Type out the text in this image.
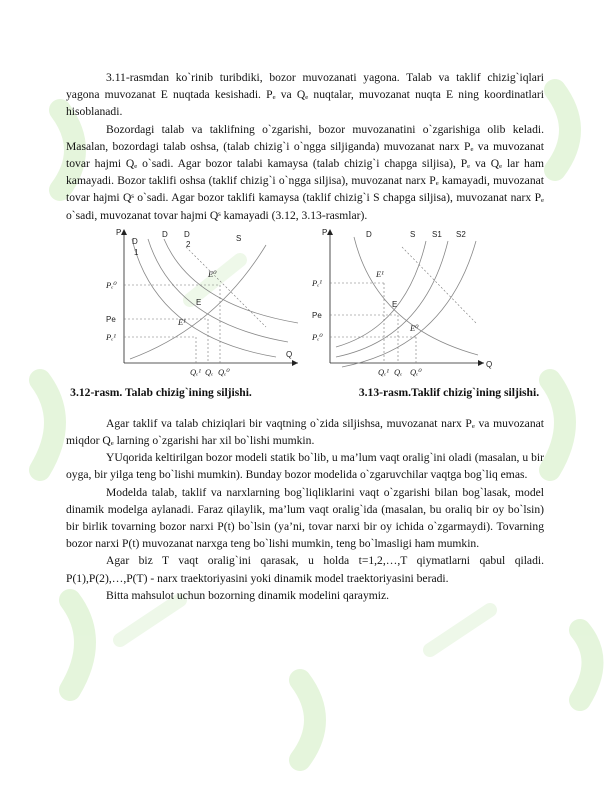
3.11-rasmdan ko`rinib turibdiki, bozor muvozanati yagona. Talab va taklif chizig`iqlari yagona muvozanat E nuqtada kesishadi. Pₑ va Qₑ nuqtalar, muvozanat nuqta E ning koordinatlari hisoblanadi.

Bozordagi talab va taklifning o`zgarishi, bozor muvozanatini o`zgarishiga olib keladi. Masalan, bozordagi talab oshsa, (talab chizig`i o`ngga siljiganda) muvozanat narx Pₑ va muvozanat tovar hajmi Qₑ o`sadi. Agar bozor talabi kamaysa (talab chizig`i chapga siljisa), Pₑ va Qₑ lar ham kamayadi. Bozor taklifi oshsa (taklif chizig`i o`ngga siljisa), muvozanat narx Pₑ kamayadi, muvozanat tovar hajmi Qˢ o`sadi. Agar bozor taklifi kamaysa (taklif chizig`i S chapga siljisa), muvozanat narx Pₑ o`sadi, muvozanat tovar hajmi Qˢ kamayadi (3.12, 3.13-rasmlar).

P
D
1
D D
2
S
E⁰
E
E¹
Pₑ⁰
Pe
Pₑ¹
Q
Qₑ¹ Qₑ Qₑ⁰
3.12-rasm. Talab chizig`ining siljishi.
P	D	S S1 S2
E¹
E
E⁰
Pₑ¹
Pe
Pₑ⁰
Q
Qₑ¹ Qₑ Qₑ⁰
3.13-rasm.Taklif chizig`ining siljishi.

Agar taklif va talab chiziqlari bir vaqtning o`zida siljishsa, muvozanat narx Pₑ va muvozanat miqdor Qₑ larning o`zgarishi har xil bo`lishi mumkin.

YUqorida keltirilgan bozor modeli statik bo`lib, u ma’lum vaqt oralig`ini oladi (masalan, u bir oyga, bir yilga teng bo`lishi mumkin). Bunday bozor modelida o`zgaruvchilar vaqtga bog`liq emas.

Modelda talab, taklif va narxlarning bog`liqliklarini vaqt o`zgarishi bilan bog`lasak, model dinamik modelga aylanadi. Faraz qilaylik, ma’lum vaqt oralig`ida (masalan, bu oraliq bir oy bo`lsin) bir birlik tovarning bozor narxi P(t) bo`lsin (ya’ni, tovar narxi bir oy ichida o`zgarmaydi). Tovarning bozor narxi P(t) muvozanat narxga teng bo`lishi mumkin, teng bo`lmasligi ham mumkin.

Agar biz T vaqt oralig`ini qarasak, u holda t=1,2,…,T qiymatlarni qabul qiladi. P(1),P(2),…,P(T) - narx traektoriyasini yoki dinamik model traektoriyasini beradi.

Bitta mahsulot uchun bozorning dinamik modelini qaraymiz.
